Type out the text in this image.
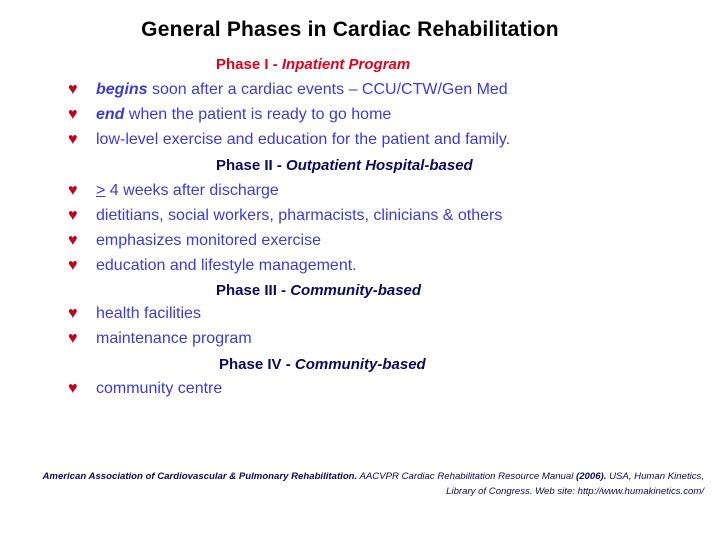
General Phases in Cardiac Rehabilitation
Phase I - Inpatient Program
♥ begins soon after a cardiac events – CCU/CTW/Gen Med
♥ end when the patient is ready to go home
♥ low-level exercise and education for the patient and family.
Phase II - Outpatient Hospital-based
♥ ≥ 4 weeks after discharge
♥ dietitians, social workers, pharmacists, clinicians & others
♥ emphasizes monitored exercise
♥ education and lifestyle management.
Phase III - Community-based
♥ health facilities
♥ maintenance program
Phase IV - Community-based
♥ community centre
American Association of Cardiovascular & Pulmonary Rehabilitation. AACVPR Cardiac Rehabilitation Resource Manual (2006). USA, Human Kinetics,
Library of Congress. Web site: http://www.humakinetics.com/
